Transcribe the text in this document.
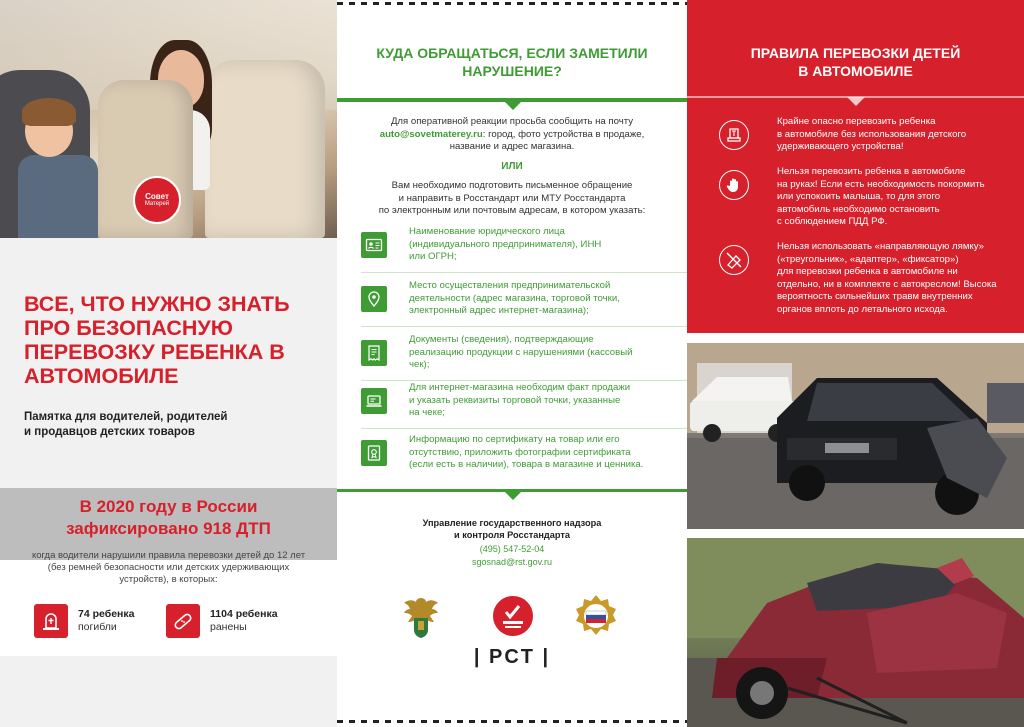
Совет
Матерей
ВСЕ, ЧТО НУЖНО ЗНАТЬ ПРО БЕЗОПАСНУЮ ПЕРЕВОЗКУ РЕБЕНКА В АВТОМОБИЛЕ
Памятка для водителей, родителей
и продавцов детских товаров
В 2020 году в России
зафиксировано 918 ДТП
когда водители нарушили правила перевозки детей до 12 лет
(без ремней безопасности или детских удерживающих
устройств), в которых:
74 ребенка
погибли
1104 ребенка
ранены
КУДА ОБРАЩАТЬСЯ, ЕСЛИ ЗАМЕТИЛИ
НАРУШЕНИЕ?
Для оперативной реакции просьба сообщить на почту
auto@sovetmaterey.ru: город, фото устройства в продаже,
название и адрес магазина.
ИЛИ
Вам необходимо подготовить письменное обращение
и направить в Росстандарт или МТУ Росстандарта
по электронным или почтовым адресам, в котором указать:
Наименование юридического лица
(индивидуального предпринимателя), ИНН
или ОГРН;
Место осуществления предпринимательской
деятельности (адрес магазина, торговой точки,
электронный адрес интернет-магазина);
Документы (сведения), подтверждающие
реализацию продукции с нарушениями (кассовый
чек);
Для интернет-магазина необходим факт продажи
и указать реквизиты торговой точки, указанные
на чеке;
Информацию по сертификату на товар или его
отсутствию, приложить фотографии сертификата
(если есть в наличии), товара в магазине и ценника.
Управление государственного надзора
и контроля Росстандарта
(495) 547-52-04
sgosnad@rst.gov.ru
| PCT |
ПРАВИЛА ПЕРЕВОЗКИ ДЕТЕЙ
В АВТОМОБИЛЕ
Крайне опасно перевозить ребенка
в автомобиле без использования детского
удерживающего устройства!
Нельзя перевозить ребенка в автомобиле
на руках! Если есть необходимость покормить
или успокоить малыша, то для этого
автомобиль необходимо остановить
с соблюдением ПДД РФ.
Нельзя использовать «направляющую лямку»
(«треугольник», «адаптер», «фиксатор»)
для перевозки ребенка в автомобиле ни
отдельно, ни в комплекте с автокреслом! Высока
вероятность сильнейших травм внутренних
органов вплоть до летального исхода.
